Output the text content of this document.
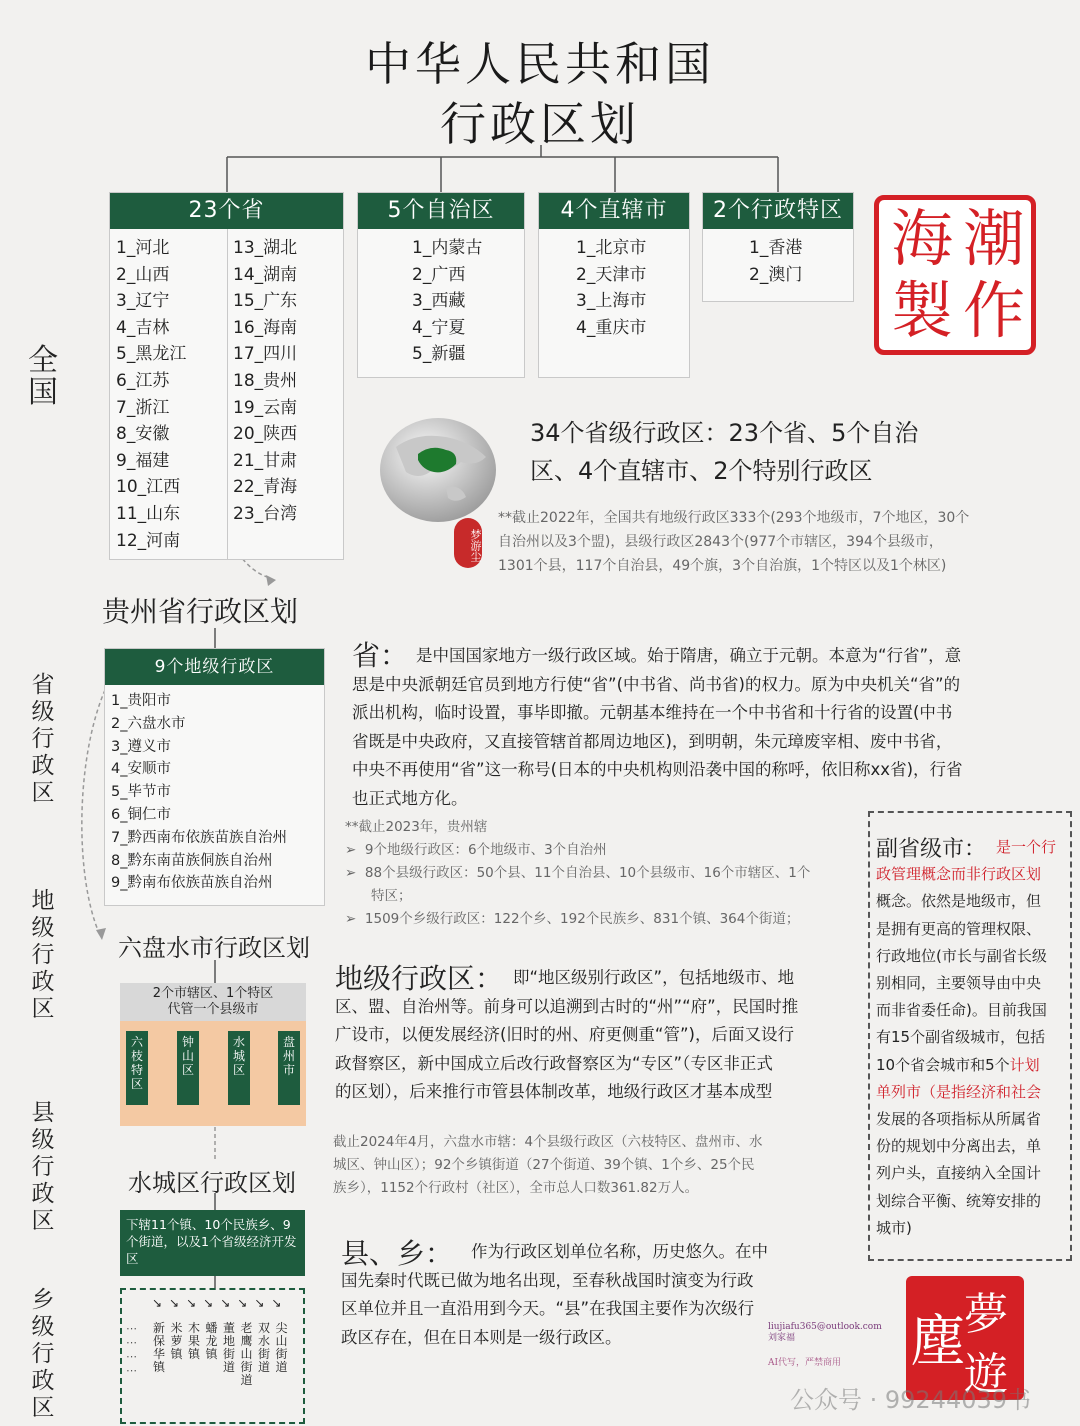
中华人民共和国
行政区划
全
国
省
级
行
政
区
地
级
行
政
区
县
级
行
政
区
乡
级
行
政
区
23个省
1_河北
2_山西
3_辽宁
4_吉林
5_黑龙江
6_江苏
7_浙江
8_安徽
9_福建
10_江西
11_山东
12_河南
13_湖北
14_湖南
15_广东
16_海南
17_四川
18_贵州
19_云南
20_陕西
21_甘肃
22_青海
23_台湾
5个自治区
1_内蒙古
2_广西
3_西藏
4_宁夏
5_新疆
4个直辖市
1_北京市
2_天津市
3_上海市
4_重庆市
2个行政特区
1_香港
2_澳门	海 潮
製 作
34个省级行政区：23个省、5个自治
区、4个直辖市、2个特别行政区
梦游尘
**截止2022年，全国共有地级行政区333个(293个地级市，7个地区，30个
自治州以及3个盟)，县级行政区2843个(977个市辖区，394个县级市，
1301个县，117个自治县，49个旗，3个自治旗，1个特区以及1个林区)
贵州省行政区划
9个地级行政区
1_贵阳市
2_六盘水市
3_遵义市
4_安顺市
5_毕节市
6_铜仁市
7_黔西南布依族苗族自治州
8_黔东南苗族侗族自治州
9_黔南布依族苗族自治州
省： 是中国国家地方一级行政区域。始于隋唐，确立于元朝。本意为“行省”，意
思是中央派朝廷官员到地方行使“省”(中书省、尚书省)的权力。原为中央机关“省”的
派出机构，临时设置，事毕即撤。元朝基本维持在一个中书省和十行省的设置(中书
省既是中央政府，又直接管辖首都周边地区)，到明朝，朱元璋废宰相、废中书省，
中央不再使用“省”这一称号(日本的中央机构则沿袭中国的称呼，依旧称xx省)，行省
也正式地方化。
**截止2023年，贵州辖
➢  9个地级行政区：6个地级市、3个自治州
➢  88个县级行政区：50个县、11个自治县、10个县级市、16个市辖区、1个
特区；
➢  1509个乡级行政区：122个乡、192个民族乡、831个镇、364个街道；
六盘水市行政区划
2个市辖区、1个特区
代管一个县级市
六
枝
特
区
钟
山
区
水
城
区
盘
州
市
地级行政区： 即“地区级别行政区”，包括地级市、地
区、盟、自治州等。前身可以追溯到古时的“州”“府”，民国时推
广设市，以便发展经济(旧时的州、府更侧重“管”)，后面又设行
政督察区，新中国成立后改行政督察区为“专区”（专区非正式
的区划），后来推行市管县体制改革，地级行政区才基本成型
截止2024年4月，六盘水市辖：4个县级行政区（六枝特区、盘州市、水
城区、钟山区）；92个乡镇街道（27个街道、39个镇、1个乡、25个民
族乡），1152个行政村（社区），全市总人口数361.82万人。
副省级市： 是一个行
政管理概念而非行政区划
概念。依然是地级市，但
是拥有更高的管理权限、
行政地位(市长与副省长级
别相同，主要领导由中央
而非省委任命)。目前我国
有15个副省级城市，包括
10个省会城市和5个计划
单列市（是指经济和社会
发展的各项指标从所属省
份的规划中分离出去，单
列户头，直接纳入全国计
划综合平衡、统筹安排的
城市)
水城区行政区划
下辖11个镇、10个民族乡、9个街道，以及1个省级经济开发区
↘↘↘↘↘↘↘↘
新保华镇
米萝镇
木果镇
蟠龙镇
董地街道
老鹰山街道
双水街道
尖山街道
⋯
⋯
⋯
⋯
县、乡：	作为行政区划单位名称，历史悠久。在中
国先秦时代既已做为地名出现，至春秋战国时演变为行政
区单位并且一直沿用到今天。“县”在我国主要作为次级行
政区存在，但在日本则是一级行政区。
liujiafu365@outlook.com
刘家福
AI代写，严禁商用
夢
遊
塵
公众号 · 99244039书
